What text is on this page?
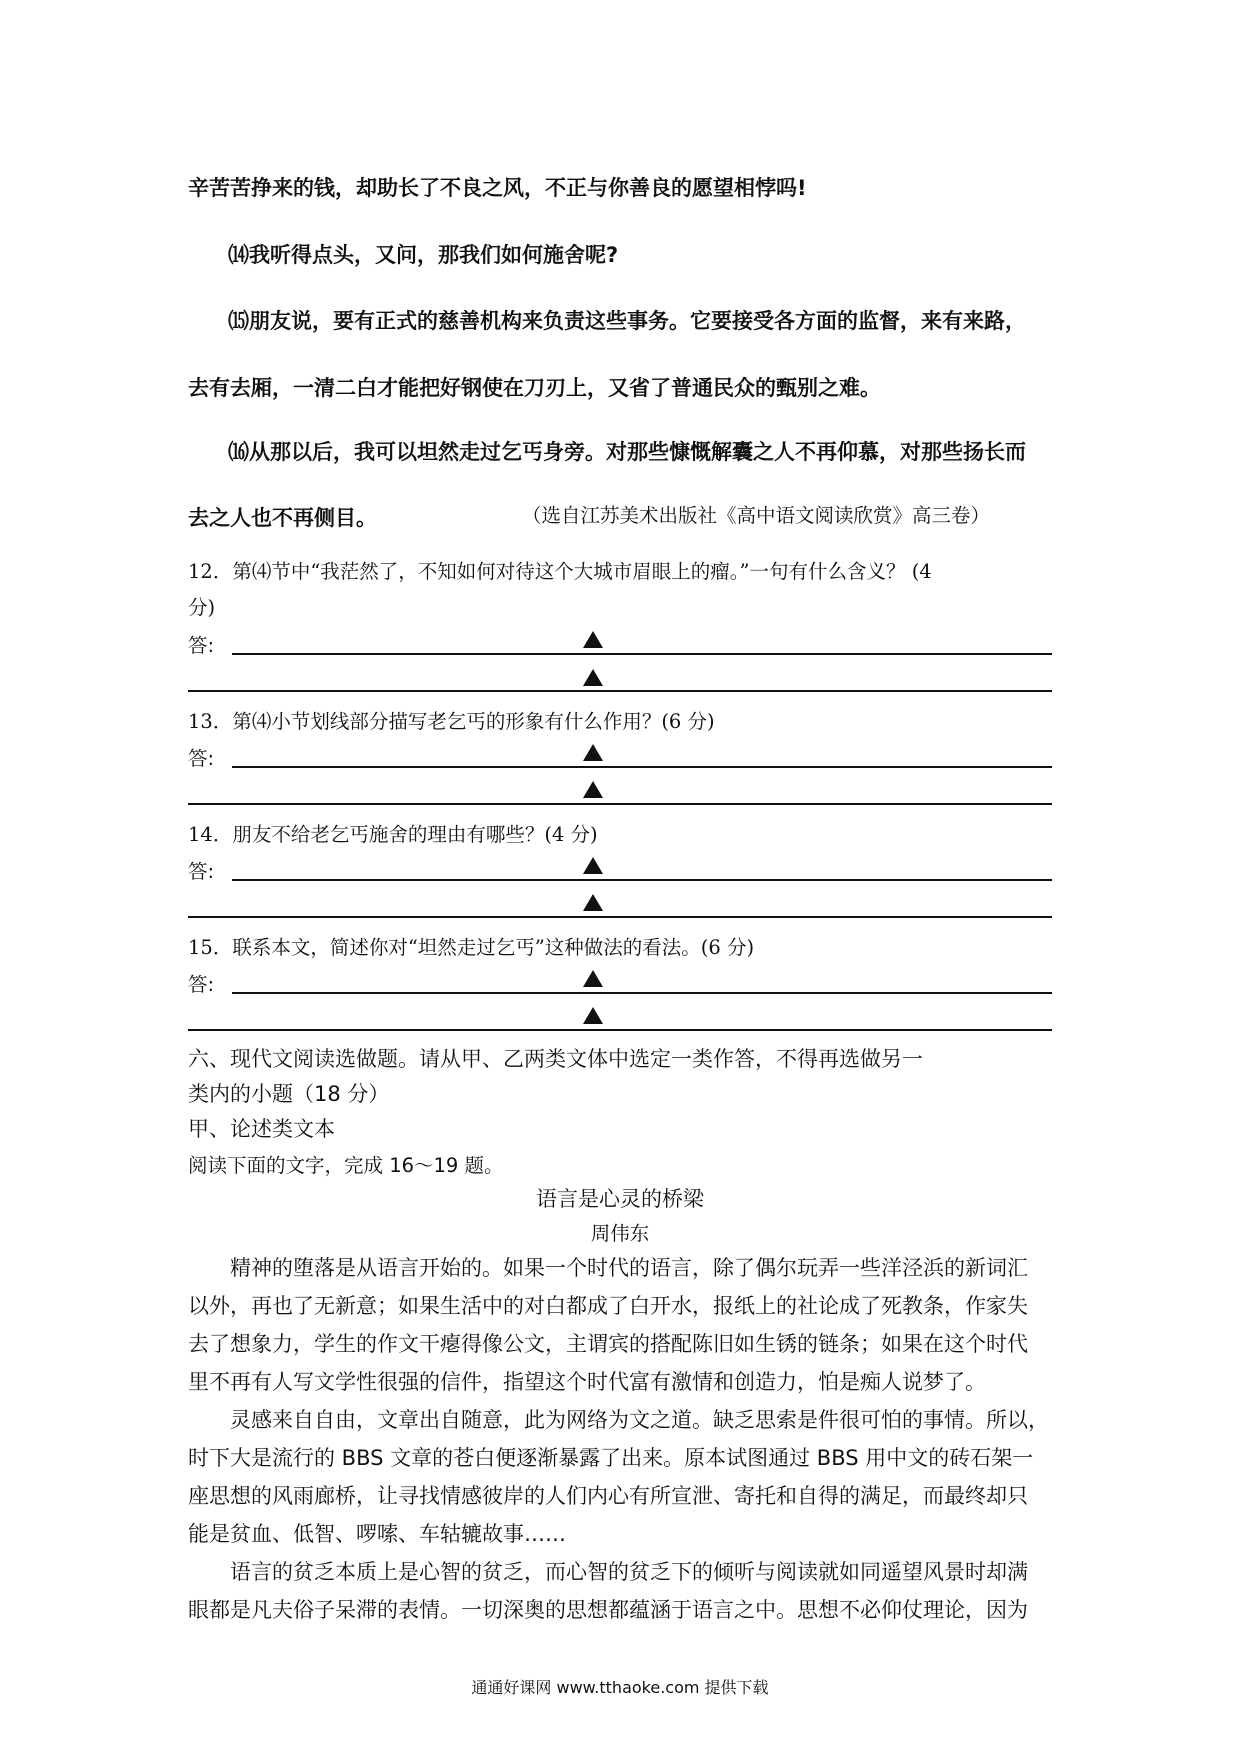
辛苦苦挣来的钱，却助长了不良之风，不正与你善良的愿望相悖吗!
⒁我听得点头，又问，那我们如何施舍呢?
⒂朋友说，要有正式的慈善机构来负责这些事务。它要接受各方面的监督，来有来路，
去有去厢，一清二白才能把好钢使在刀刃上，又省了普通民众的甄别之难。
⒃从那以后，我可以坦然走过乞丐身旁。对那些慷慨解囊之人不再仰慕，对那些扬长而
去之人也不再侧目。	（选自江苏美术出版社《高中语文阅读欣赏》高三卷）
12．第⑷节中“我茫然了，不知如何对待这个大城市眉眼上的瘤。”一句有什么含义？ (4
分)
答:
13．第⑷小节划线部分描写老乞丐的形象有什么作用？(6 分)
答:
14．朋友不给老乞丐施舍的理由有哪些？(4 分)
答:
15．联系本文，简述你对“坦然走过乞丐”这种做法的看法。(6 分)
答:
六、现代文阅读选做题。请从甲、乙两类文体中选定一类作答，不得再选做另一
类内的小题（18 分）
甲、论述类文本
阅读下面的文字，完成 16～19 题。
语言是心灵的桥梁
周伟东
　　精神的堕落是从语言开始的。如果一个时代的语言，除了偶尔玩弄一些洋泾浜的新词汇
以外，再也了无新意；如果生活中的对白都成了白开水，报纸上的社论成了死教条，作家失
去了想象力，学生的作文干瘪得像公文，主谓宾的搭配陈旧如生锈的链条；如果在这个时代
里不再有人写文学性很强的信件，指望这个时代富有激情和创造力，怕是痴人说梦了。
　　灵感来自自由，文章出自随意，此为网络为文之道。缺乏思索是件很可怕的事情。所以，
时下大是流行的 BBS 文章的苍白便逐渐暴露了出来。原本试图通过 BBS 用中文的砖石架一
座思想的风雨廊桥，让寻找情感彼岸的人们内心有所宣泄、寄托和自得的满足，而最终却只
能是贫血、低智、啰嗦、车轱辘故事……
　　语言的贫乏本质上是心智的贫乏，而心智的贫乏下的倾听与阅读就如同遥望风景时却满
眼都是凡夫俗子呆滞的表情。一切深奥的思想都蕴涵于语言之中。思想不必仰仗理论，因为
通通好课网 www.tthaoke.com 提供下载
